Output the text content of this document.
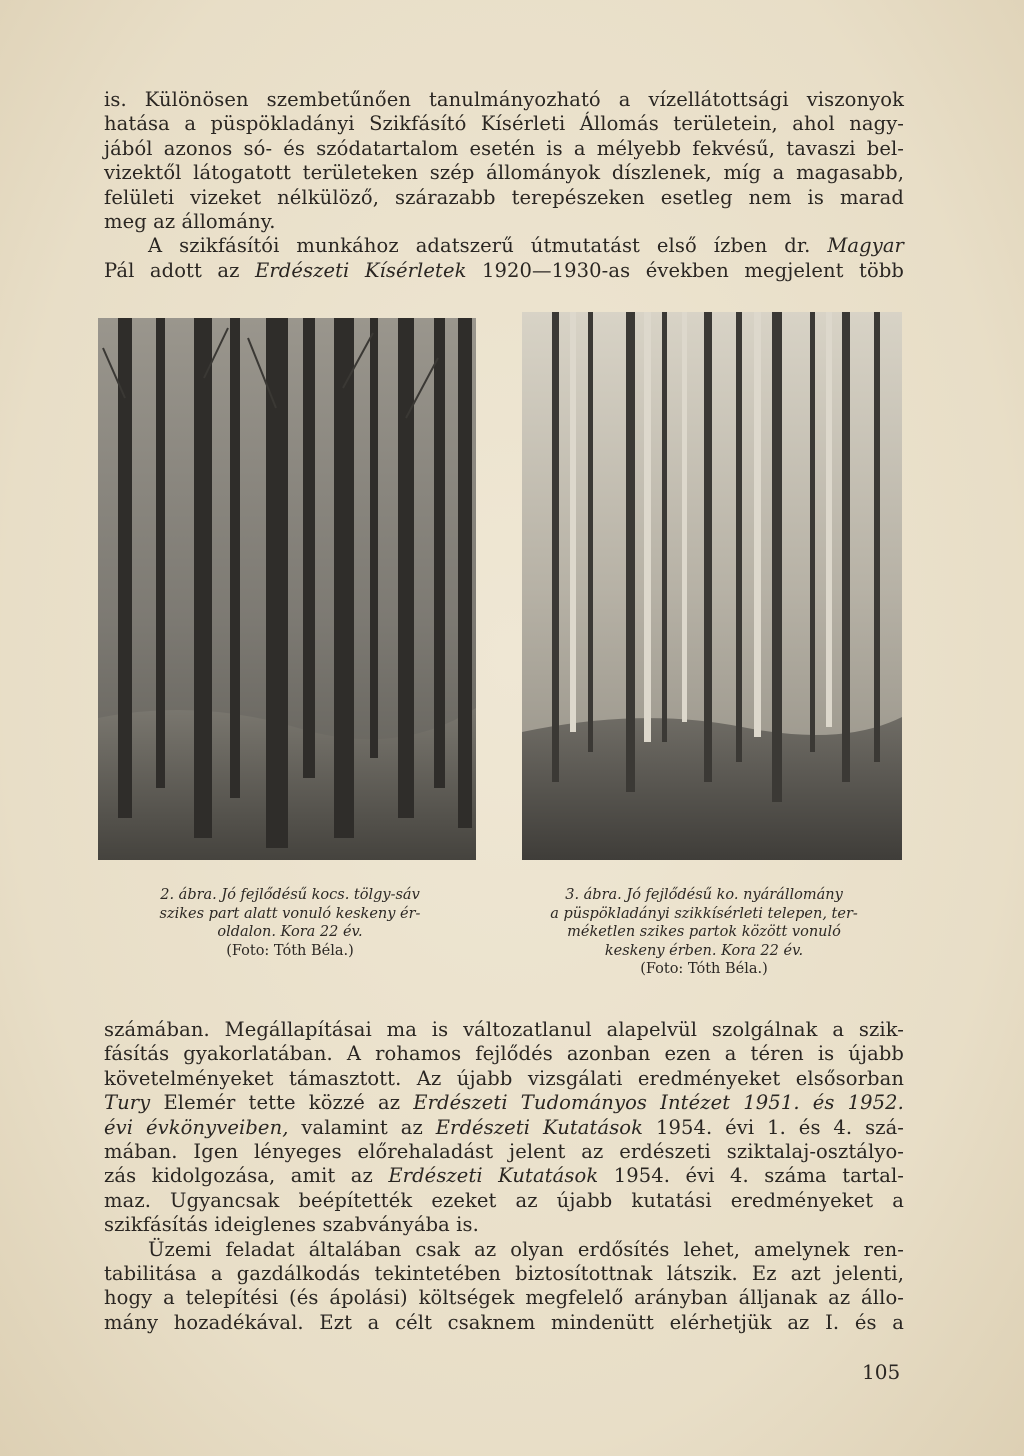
is. Különösen szembetűnően tanulmányozható a vízellátottsági viszonyok
hatása a püspökladányi Szikfásító Kísérleti Állomás területein, ahol nagy-
jából azonos só- és szódatartalom esetén is a mélyebb fekvésű, tavaszi bel-
vizektől látogatott területeken szép állományok díszlenek, míg a magasabb,
felületi vizeket nélkülöző, szárazabb terepészeken esetleg nem is marad
meg az állomány.
A szikfásítói munkához adatszerű útmutatást első ízben dr. Magyar
Pál adott az Erdészeti Kísérletek 1920—1930-as években megjelent több
2. ábra. Jó fejlődésű kocs. tölgy-sáv
szikes part alatt vonuló keskeny ér-
oldalon. Kora 22 év.
(Foto: Tóth Béla.)
3. ábra. Jó fejlődésű ko. nyárállomány
a püspökladányi szikkísérleti telepen, ter-
méketlen szikes partok között vonuló
keskeny érben. Kora 22 év.
(Foto: Tóth Béla.)
számában. Megállapításai ma is változatlanul alapelvül szolgálnak a szik-
fásítás gyakorlatában. A rohamos fejlődés azonban ezen a téren is újabb
követelményeket támasztott. Az újabb vizsgálati eredményeket elsősorban
Tury Elemér tette közzé az Erdészeti Tudományos Intézet 1951. és 1952.
évi évkönyveiben, valamint az Erdészeti Kutatások 1954. évi 1. és 4. szá-
mában. Igen lényeges előrehaladást jelent az erdészeti sziktalaj-osztályo-
zás kidolgozása, amit az Erdészeti Kutatások 1954. évi 4. száma tartal-
maz. Ugyancsak beépítették ezeket az újabb kutatási eredményeket a
szikfásítás ideiglenes szabványába is.
Üzemi feladat általában csak az olyan erdősítés lehet, amelynek ren-
tabilitása a gazdálkodás tekintetében biztosítottnak látszik. Ez azt jelenti,
hogy a telepítési (és ápolási) költségek megfelelő arányban álljanak az állo-
mány hozadékával. Ezt a célt csaknem mindenütt elérhetjük az I. és a
105
